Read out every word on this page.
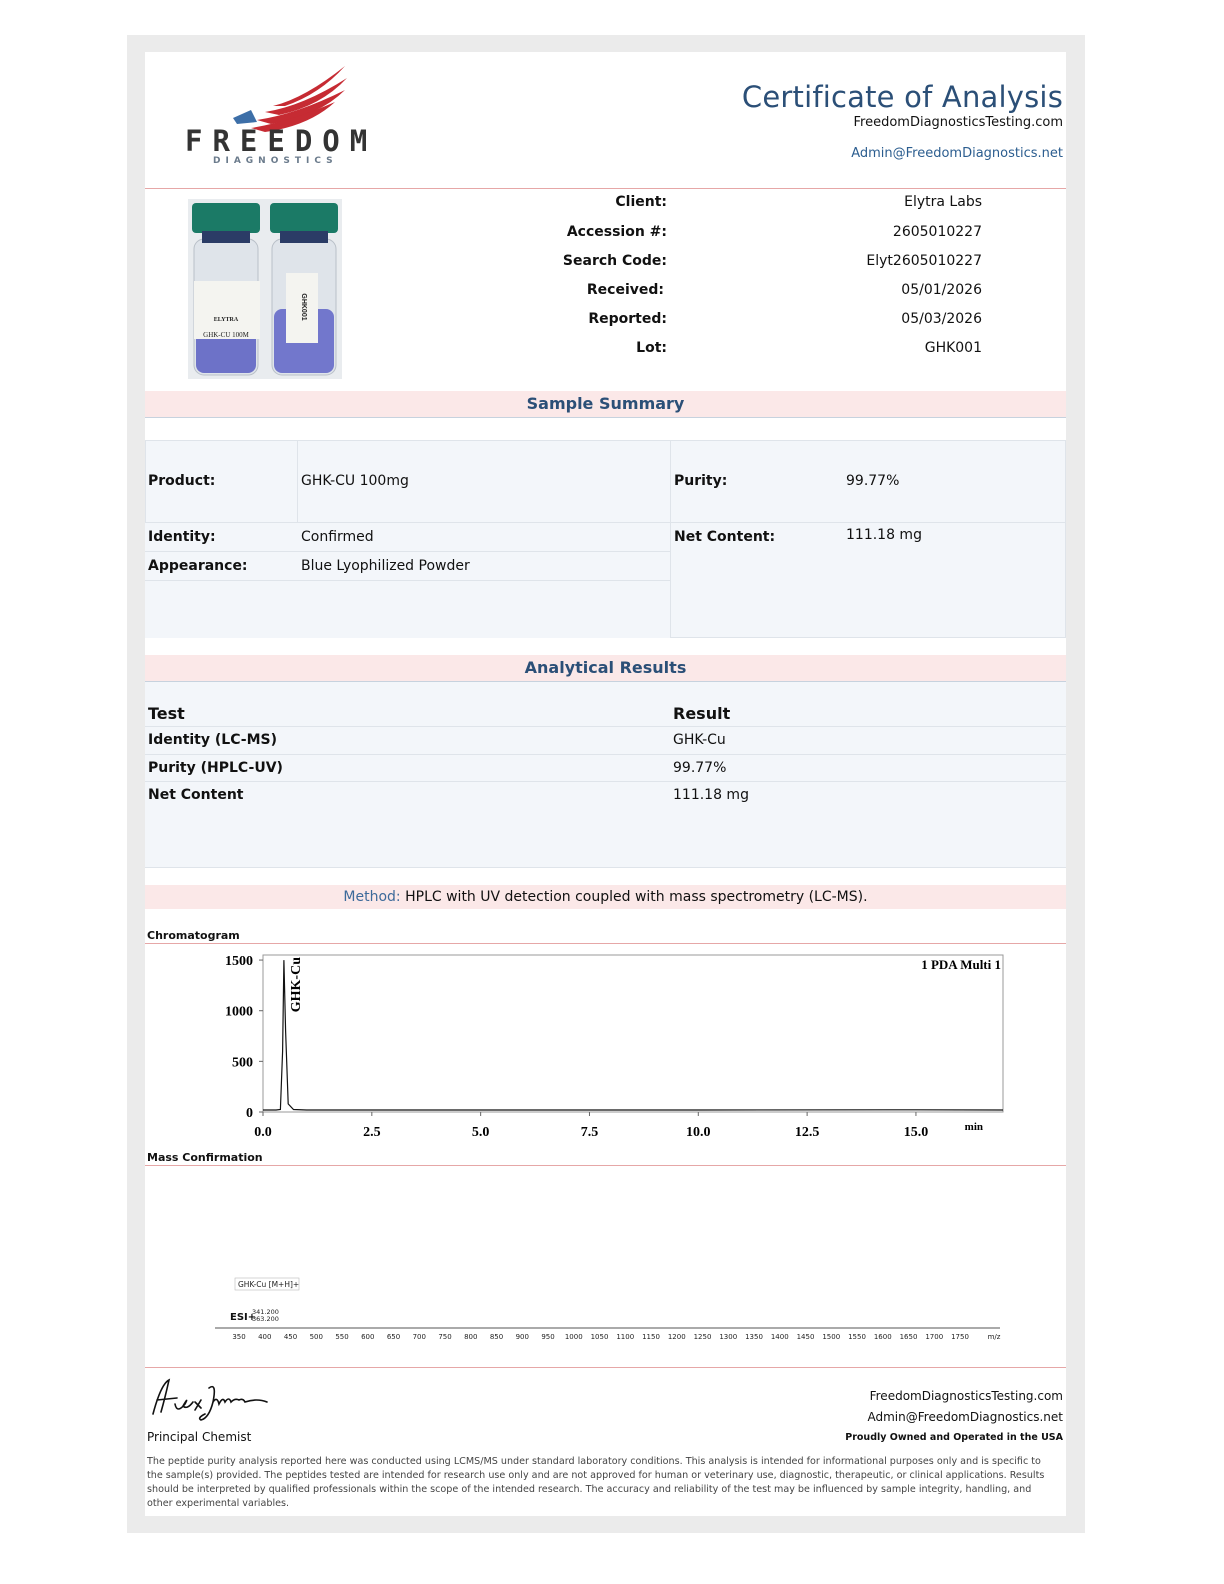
FREEDOM
DIAGNOSTICS
Certificate of Analysis
FreedomDiagnosticsTesting.com
Admin@FreedomDiagnostics.net
ELYTRA
GHK-CU 100M
GHK001
Client:	Elytra Labs
Accession #:	2605010227
Search Code:	Elyt2605010227
Received:	05/01/2026
Reported:	05/03/2026
Lot:	GHK001
Sample Summary
Product:	GHK-CU 100mg	Purity:	99.77%
Identity:	Confirmed	Net Content:	111.18 mg
Appearance:	Blue Lyophilized Powder
Analytical Results
Test	Result
Identity (LC-MS)	GHK-Cu
Purity (HPLC-UV)	99.77%
Net Content	111.18 mg
Method: HPLC with UV detection coupled with mass spectrometry (LC-MS).
Chromatogram
0
500
1000
1500
0.0	2.5	5.0	7.5	10.0	12.5	15.0	min
1 PDA Multi 1
GHK-Cu
Mass Confirmation
350 400 450 500 550 600 650 700 750 800 850 900 950 1000 1050 1100 1150 1200 1250 1300 1350 1400 1450 1500 1550 1600 1650 1700 1750	m/z
GHK-Cu [M+H]+
ESI+
341.200
363.200
Principal Chemist
FreedomDiagnosticsTesting.com
Admin@FreedomDiagnostics.net
Proudly Owned and Operated in the USA
The peptide purity analysis reported here was conducted using LCMS/MS under standard laboratory conditions. This analysis is intended for informational purposes only and is specific to the sample(s) provided. The peptides tested are intended for research use only and are not approved for human or veterinary use, diagnostic, therapeutic, or clinical applications. Results should be interpreted by qualified professionals within the scope of the intended research. The accuracy and reliability of the test may be influenced by sample integrity, handling, and other experimental variables.
